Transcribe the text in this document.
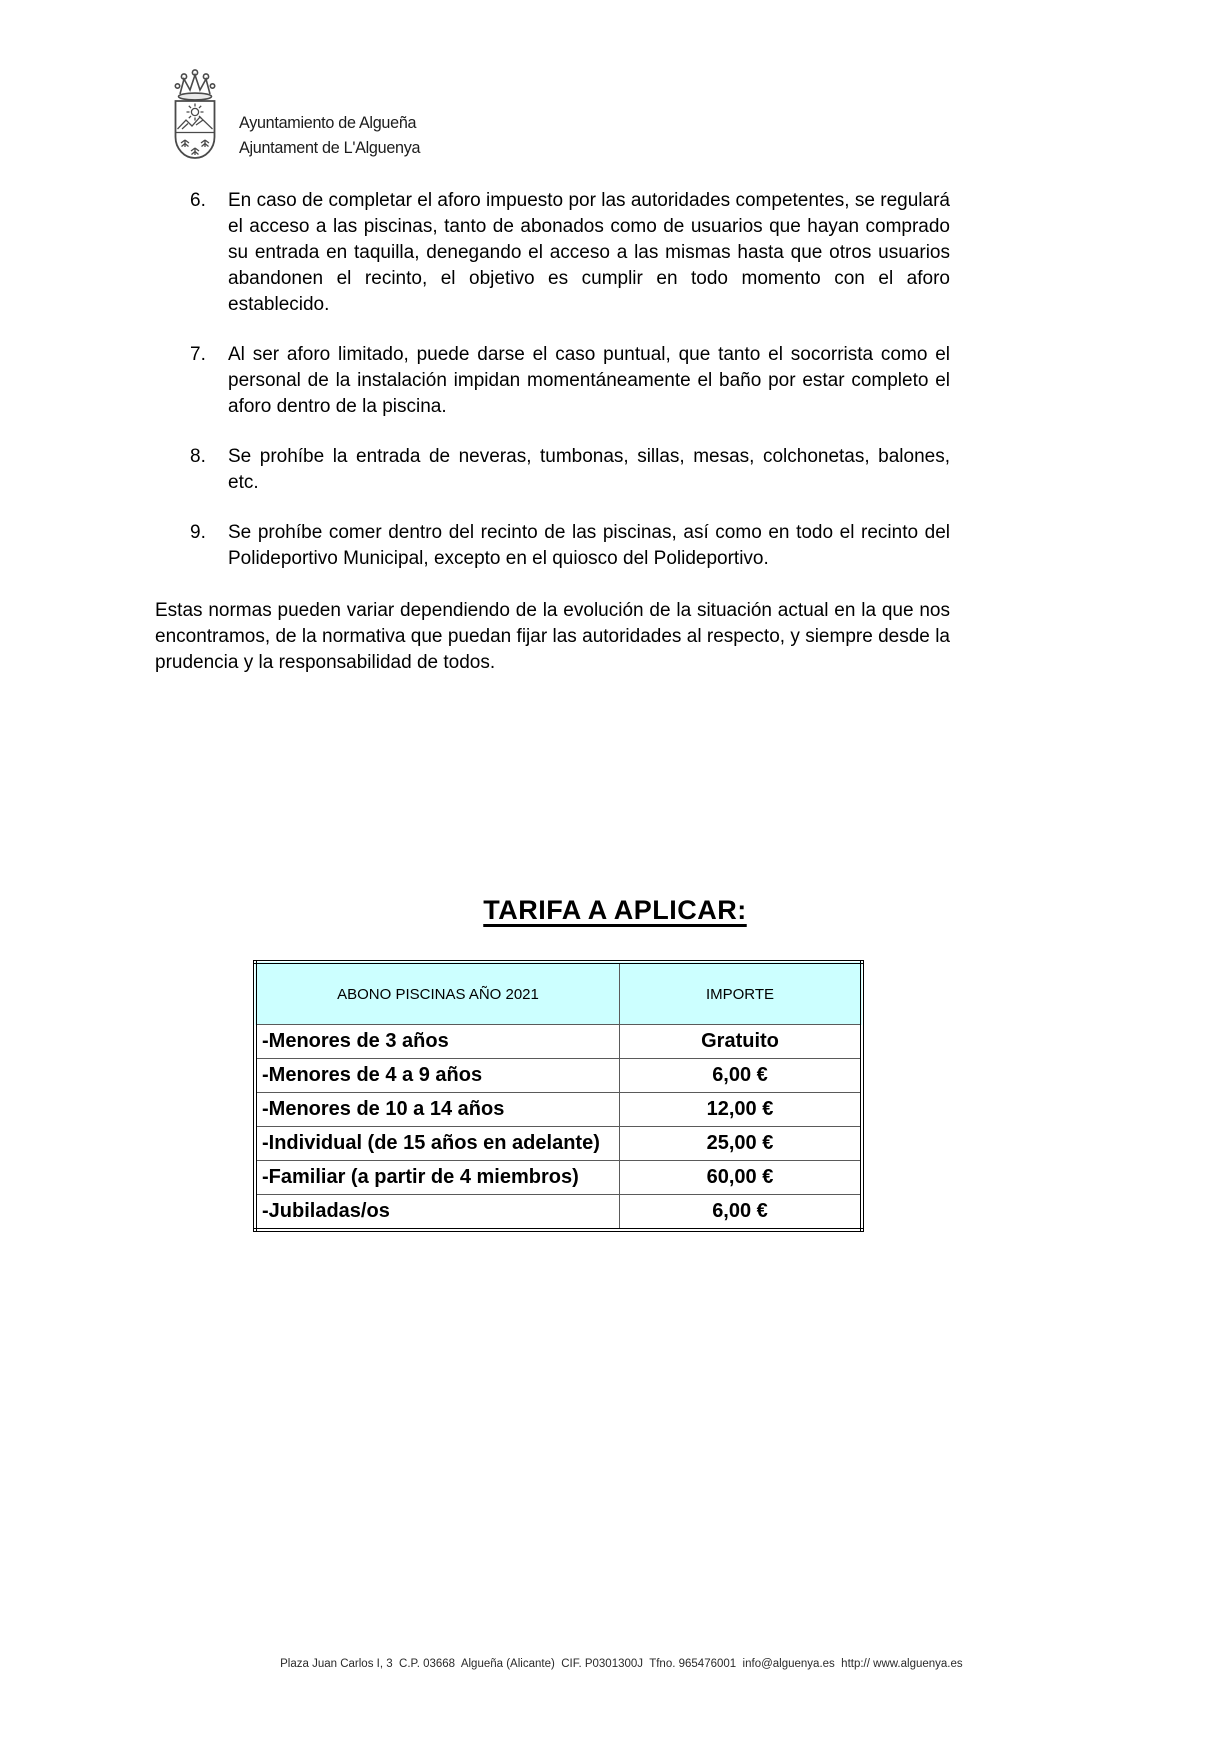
Ayuntamiento de Algueña
Ajuntament de L'Alguenya
6. En caso de completar el aforo impuesto por las autoridades competentes, se regulará el acceso a las piscinas, tanto de abonados como de usuarios que hayan comprado su entrada en taquilla, denegando el acceso a las mismas hasta que otros usuarios abandonen el recinto, el objetivo es cumplir en todo momento con el aforo establecido.
7. Al ser aforo limitado, puede darse el caso puntual, que tanto el socorrista como el personal de la instalación impidan momentáneamente el baño por estar completo el aforo dentro de la piscina.
8. Se prohíbe la entrada de neveras, tumbonas, sillas, mesas, colchonetas, balones, etc.
9. Se prohíbe comer dentro del recinto de las piscinas, así como en todo el recinto del Polideportivo Municipal, excepto en el quiosco del Polideportivo.

Estas normas pueden variar dependiendo de la evolución de la situación actual en la que nos encontramos, de la normativa que puedan fijar las autoridades al respecto, y siempre desde la prudencia y la responsabilidad de todos.

TARIFA A APLICAR:
ABONO PISCINAS AÑO 2021	IMPORTE
-Menores de 3 años	Gratuito
-Menores de 4 a 9 años	6,00 €
-Menores de 10 a 14 años	12,00 €
-Individual (de 15 años en adelante)	25,00 €
-Familiar (a partir de 4 miembros)	60,00 €
-Jubiladas/os	6,00 €

Plaza Juan Carlos I, 3  C.P. 03668  Algueña (Alicante)  CIF. P0301300J  Tfno. 965476001  info@alguenya.es  http:// www.alguenya.es
